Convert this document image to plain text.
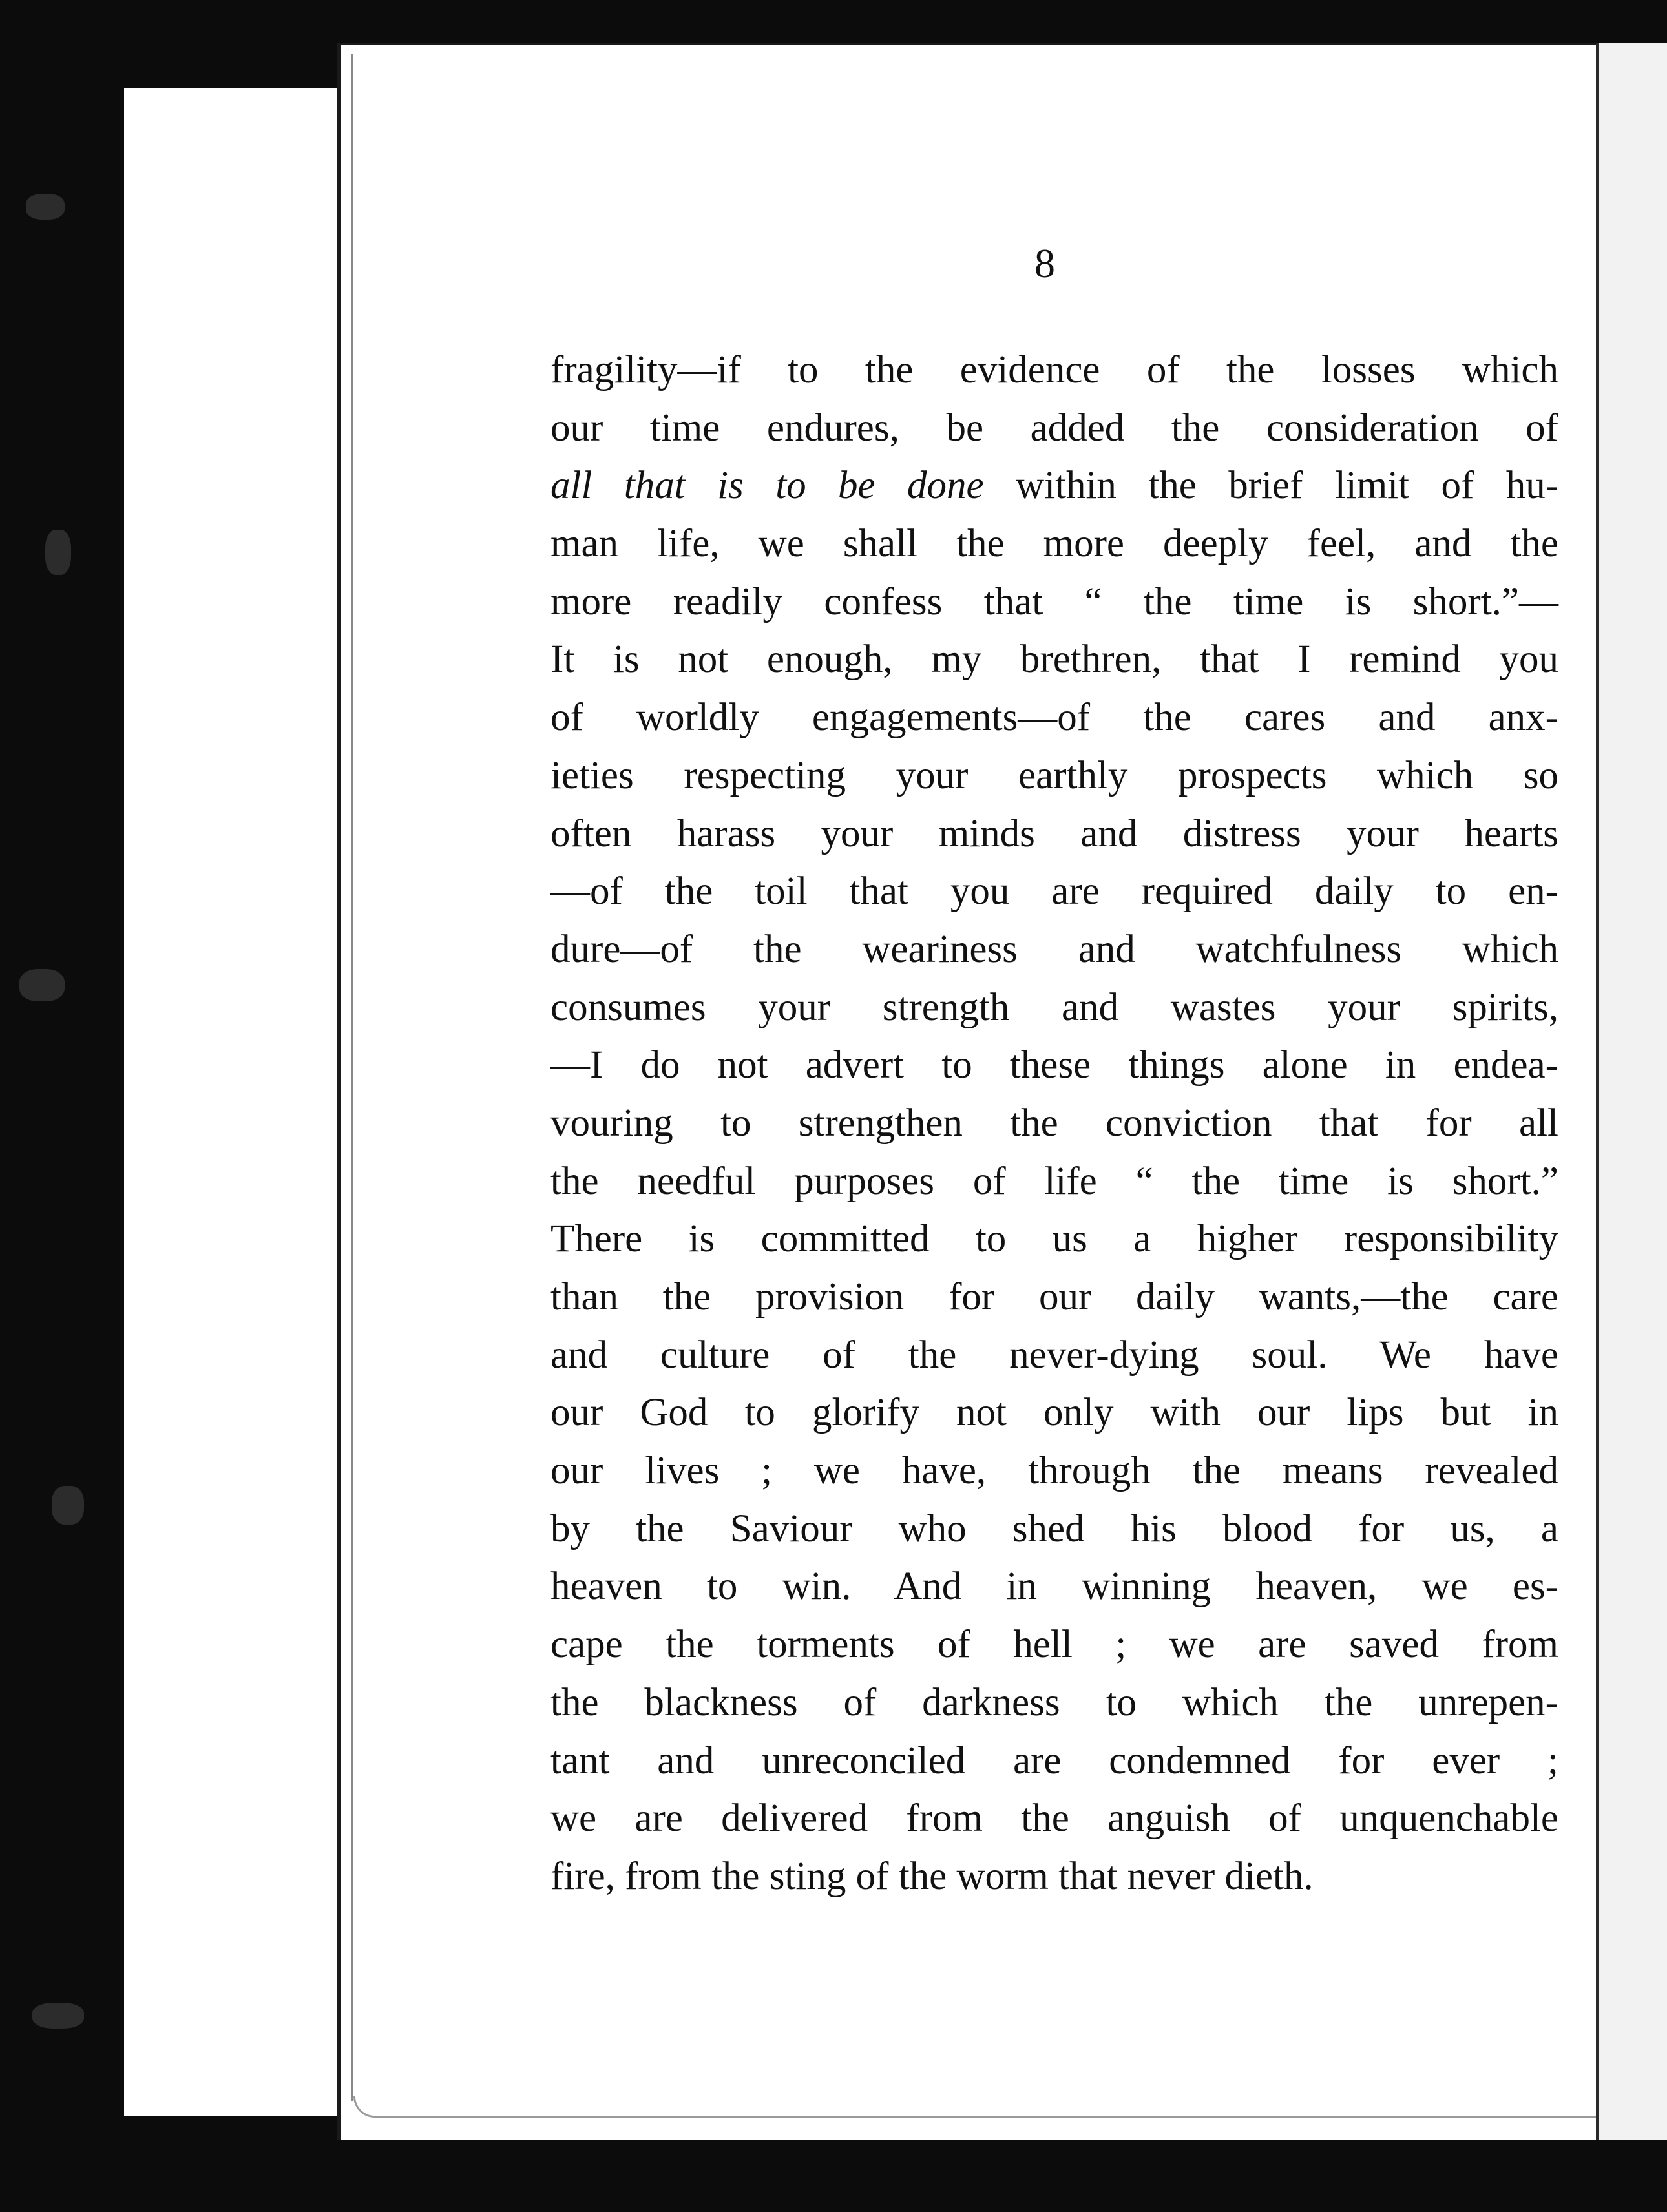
8
fragility—if to the evidence of the losses which
our time endures, be added the consideration of
all that is to be done within the brief limit of hu-
man life, we shall the more deeply feel, and the
more readily confess that “ the time is short.”—
It is not enough, my brethren, that I remind you
of worldly engagements—of the cares and anx-
ieties respecting your earthly prospects which so
often harass your minds and distress your hearts
—of the toil that you are required daily to en-
dure—of the weariness and watchfulness which
consumes your strength and wastes your spirits,
—I do not advert to these things alone in endea-
vouring to strengthen the conviction that for all
the needful purposes of life “ the time is short.”
There is committed to us a higher responsibility
than the provision for our daily wants,—the care
and culture of the never-dying soul. We have
our God to glorify not only with our lips but in
our lives ; we have, through the means revealed
by the Saviour who shed his blood for us, a
heaven to win. And in winning heaven, we es-
cape the torments of hell ; we are saved from
the blackness of darkness to which the unrepen-
tant and unreconciled are condemned for ever ;
we are delivered from the anguish of unquenchable
fire, from the sting of the worm that never dieth.
